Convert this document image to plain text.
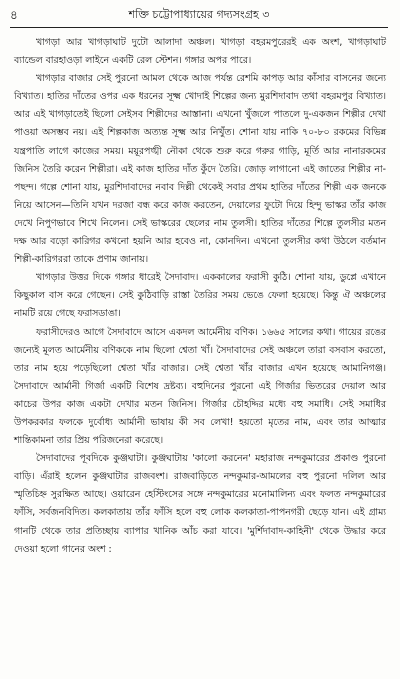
৪	শক্তি চট্টোপাধ্যায়ের গদ্যসংগ্রহ ৩

খাগড়া আর খাগড়াঘাট দুটো আলাদা অঞ্চল। খাগড়া বহরমপুরেরই এক অংশ, খাগড়াঘাট ব্যান্ডেল বারহাওড়া লাইনে একটি রেল স্টেশন। গঙ্গার অপর পারে।

খাগড়ার বাজার সেই পুরনো আমল থেকে আজ পর্যন্ত রেশমি কাপড় আর কাঁসার বাসনের জন্যে বিখ্যাত। হাতির দাঁতের ওপর এক ধরনের সূক্ষ্ম খোদাই শিল্পের জন্য মুরশিদাবাদ তথা বহরমপুর বিখ্যাত। আর এই খাগড়াতেই ছিলো সেইসব শিল্পীদের আস্তানা। এখনো খুঁজলে পাতলে দু-একজন শিল্পীর দেখা পাওয়া অসম্ভব নয়। এই শিল্পকাজ অত্যন্ত সূক্ষ্ম আর নিখুঁত। শোনা যায় নাকি ৭০-৮০ রকমের বিভিন্ন যন্ত্রপাতি লাগে কাজের সময়। ময়ূরপঙ্খী নৌকা থেকে শুরু করে গরুর গাড়ি, মূর্তি আর নানারকমের জিনিস তৈরি করেন শিল্পীরা। এই কাজ হাতির দাঁত কুঁদে তৈরি। জোড় লাগানো এই জাতের শিল্পীর না-পছন্দ। গল্পে শোনা যায়, মুরশিদাবাদের নবাব দিল্লী থেকেই সবার প্রথম হাতির দাঁতের শিল্পী এক জনকে নিয়ে আসেন—তিনি যখন দরজা বন্ধ করে কাজ করতেন, দেয়ালের ফুটো দিয়ে হিন্দু ভাস্কর তাঁর কাজ দেখে নিপুণভাবে শিখে নিলেন। সেই ভাস্করের ছেলের নাম তুলসী। হাতির দাঁতের শিল্পে তুলসীর মতন দক্ষ আর বড়ো কারিগর কখনো হয়নি আর হবেও না, কোনদিন। এখনো তুলসীর কথা উঠলে বর্তমান শিল্পী-কারিগররা তাকে প্রণাম জানায়।

খাগড়ার উত্তর দিকে গঙ্গার ধারেই সৈদাবাদ। এককালের ফরাসী কুঠি। শোনা যায়, ডুপ্লে এখানে কিছুকাল বাস করে গেছেন। সেই কুঠিবাড়ি রাস্তা তৈরির সময় ভেঙে ফেলা হয়েছে। কিন্তু ঐ অঞ্চলের নামটি রয়ে গেছে ফরাসডাঙা।

ফরাসীদেরও আগে সৈদাবাদে আসে একদল আর্মেনীয় বণিক। ১৬৬৫ সালের কথা। গায়ের রঙের জন্যেই মূলত আর্মেনীয় বণিককে নাম ছিলো শ্বেতা খাঁ। সৈদাবাদের সেই অঞ্চলে তারা বসবাস করতো, তার নাম হয়ে পড়েছিলো শ্বেতা খাঁর বাজার। সেই শ্বেতা খাঁর বাজার এখন হয়েছে আমানিগঞ্জ। সৈদাবাদে আর্মানী গির্জা একটি বিশেষ দ্রষ্টব্য। বহুদিনের পুরনো এই গির্জার ভিতরের দেয়াল আর কাচের উপর কাজ একটা দেখার মতন জিনিস। গির্জার চৌহদ্দির মধ্যে বহু সমাধি। সেই সমাধির উপকরকার ফলকে দুর্বোধ্য আর্মানী ভাষায় কী সব লেখা! হয়তো মৃতের নাম, এবং তার আত্মার শান্তিকামনা তার প্রিয় পরিজনেরা করেছে।

সৈদাবাদের পূবদিকে কুঞ্জঘাটা। কুঞ্জঘাটায় 'কালো করনেন' মহারাজ নন্দকুমারের প্রকাণ্ড পুরনো বাড়ি। এঁরাই হলেন কুঞ্জঘাটার রাজবংশ। রাজবাড়িতে নন্দকুমার-আমলের বহু পুরনো দলিল আর স্মৃতিচিহ্ন সুরক্ষিত আছে। ওয়ারেন হেস্টিংসের সঙ্গে নন্দকুমারের মনোমালিন্য এবং ফলত নন্দকুমারের ফাঁসি, সর্বজনবিদিত। কলকাতায় তাঁর ফাঁসি হলে বহু লোক কলকাতা-পাপনগরী ছেড়ে যান। এই গ্রাম্য গানটি থেকে তার প্রতিচ্ছায় ব্যাপার খানিক আঁচ করা যাবে। 'মুর্শিদাবাদ-কাহিনী' থেকে উদ্ধার করে দেওয়া হলো গানের অংশ :
